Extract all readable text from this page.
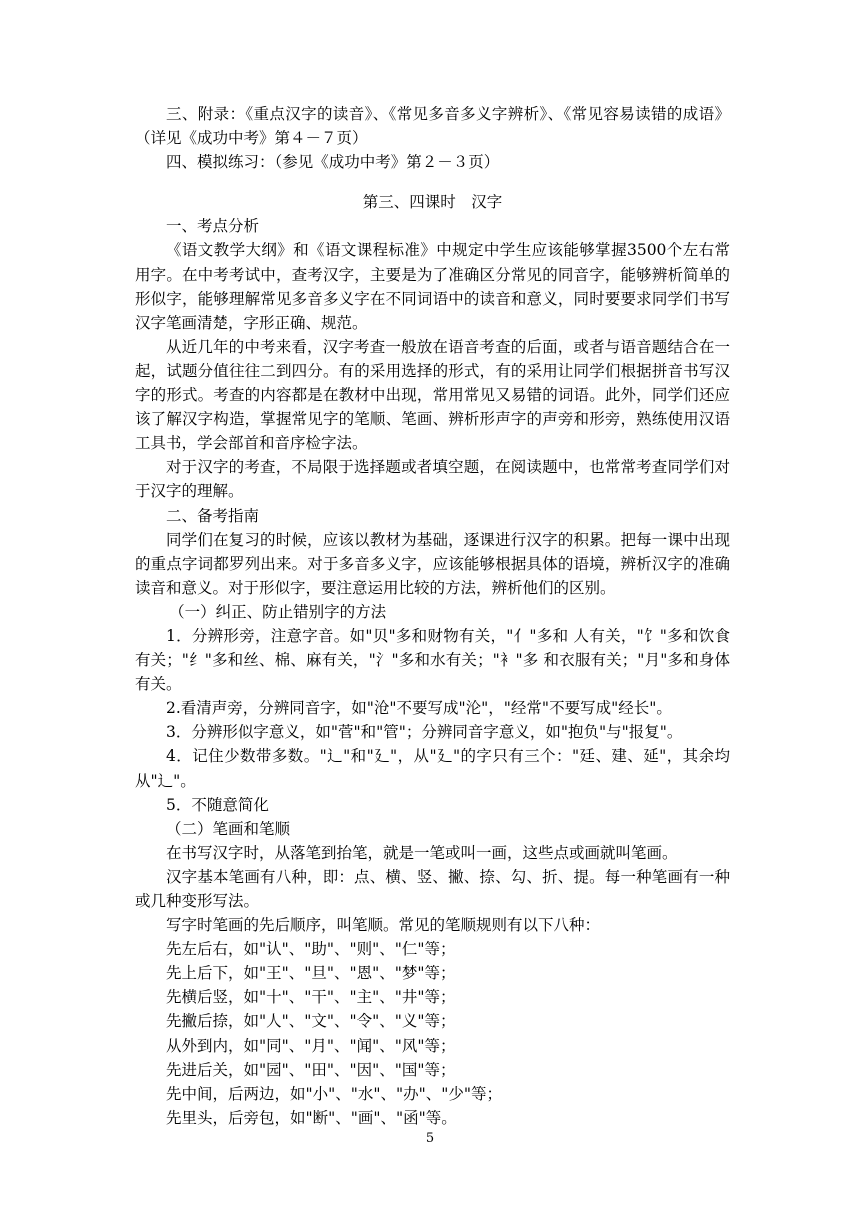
三、附录：《重点汉字的读音》、《常见多音多义字辨析》、《常见容易读错的成语》（详见《成功中考》第４－７页）

四、模拟练习：（参见《成功中考》第２－３页）

第三、四课时　汉字

一、考点分析

《语文教学大纲》和《语文课程标准》中规定中学生应该能够掌握3500个左右常用字。在中考考试中，查考汉字，主要是为了准确区分常见的同音字，能够辨析简单的形似字，能够理解常见多音多义字在不同词语中的读音和意义，同时要要求同学们书写汉字笔画清楚，字形正确、规范。

从近几年的中考来看，汉字考查一般放在语音考查的后面，或者与语音题结合在一起，试题分值往往二到四分。有的采用选择的形式，有的采用让同学们根据拼音书写汉字的形式。考查的内容都是在教材中出现，常用常见又易错的词语。此外，同学们还应该了解汉字构造，掌握常见字的笔顺、笔画、辨析形声字的声旁和形旁，熟练使用汉语工具书，学会部首和音序检字法。

对于汉字的考查，不局限于选择题或者填空题，在阅读题中，也常常考查同学们对于汉字的理解。

二、备考指南

同学们在复习的时候，应该以教材为基础，逐课进行汉字的积累。把每一课中出现的重点字词都罗列出来。对于多音多义字，应该能够根据具体的语境，辨析汉字的准确读音和意义。对于形似字，要注意运用比较的方法，辨析他们的区别。

（一）纠正、防止错别字的方法

1．分辨形旁，注意字音。如"贝"多和财物有关，"亻"多和 人有关，"饣"多和饮食有关；"纟"多和丝、棉、麻有关，"氵"多和水有关；"衤"多 和衣服有关；"月"多和身体有关。

2.看清声旁，分辨同音字，如"沧"不要写成"沦"，"经常"不要写成"经长"。

3．分辨形似字意义，如"菅"和"管"；分辨同音字意义，如"抱负"与"报复"。

4．记住少数带多数。"辶"和"廴"，从"廴"的字只有三个："廷、建、延"，其余均从"辶"。

5．不随意简化

（二）笔画和笔顺

在书写汉字时，从落笔到抬笔，就是一笔或叫一画，这些点或画就叫笔画。

汉字基本笔画有八种，即：点、横、竖、撇、捺、勾、折、提。每一种笔画有一种或几种变形写法。

写字时笔画的先后顺序，叫笔顺。常见的笔顺规则有以下八种：

先左后右，如"认"、"助"、"则"、"仁"等；

先上后下，如"王"、"旦"、"恩"、"梦"等；

先横后竖，如"十"、"干"、"主"、"井"等；

先撇后捺，如"人"、"文"、"令"、"义"等；

从外到内，如"同"、"月"、"闻"、"风"等；

先进后关，如"园"、"田"、"因"、"国"等；

先中间，后两边，如"小"、"水"、"办"、"少"等；

先里头，后旁包，如"断"、"画"、"函"等。

5
